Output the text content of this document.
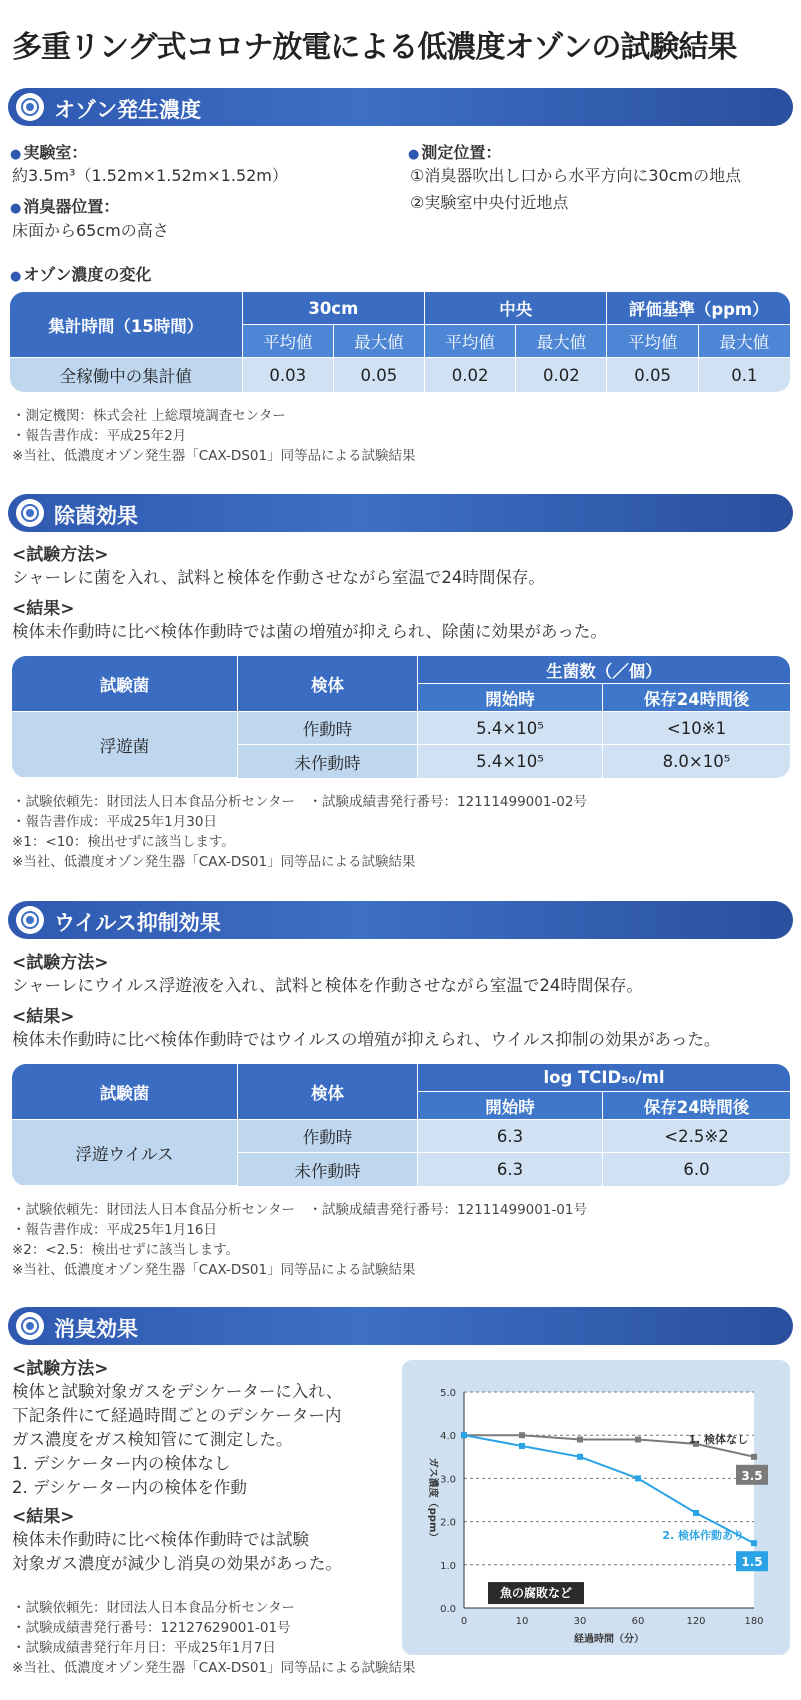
多重リング式コロナ放電による低濃度オゾンの試験結果
オゾン発生濃度
● 実験室：
約3.5m³（1.52m×1.52m×1.52m）
● 消臭器位置：
床面から65cmの高さ
● 測定位置：
①消臭器吹出し口から水平方向に30cmの地点
②実験室中央付近地点
● オゾン濃度の変化
集計時間（15時間）	30cm		中央		評価基準（ppm）	
	平均値	最大値	平均値	最大値	平均値	最大値
全稼働中の集計値	0.03	0.05	0.02	0.02	0.05	0.1
・測定機関：株式会社 上総環境調査センター
・報告書作成：平成25年2月
※当社、低濃度オゾン発生器「CAX-DS01」同等品による試験結果
除菌効果
<試験方法>
シャーレに菌を入れ、試料と検体を作動させながら室温で24時間保存。
<結果>
検体未作動時に比べ検体作動時では菌の増殖が抑えられ、除菌に効果があった。
試験菌	検体	生菌数（／個）	
		開始時	保存24時間後
浮遊菌	作動時	5.4×10⁵	<10※1
	未作動時	5.4×10⁵	8.0×10⁵
・試験依頼先：財団法人日本食品分析センター　・試験成績書発行番号：12111499001-02号
・報告書作成：平成25年1月30日
※1：<10：検出せずに該当します。
※当社、低濃度オゾン発生器「CAX-DS01」同等品による試験結果
ウイルス抑制効果
<試験方法>
シャーレにウイルス浮遊液を入れ、試料と検体を作動させながら室温で24時間保存。
<結果>
検体未作動時に比べ検体作動時ではウイルスの増殖が抑えられ、ウイルス抑制の効果があった。
試験菌	検体	log TCID₅₀/ml	
		開始時	保存24時間後
浮遊ウイルス	作動時	6.3	<2.5※2
	未作動時	6.3	6.0
・試験依頼先：財団法人日本食品分析センター　・試験成績書発行番号：12111499001-01号
・報告書作成：平成25年1月16日
※2：<2.5：検出せずに該当します。
※当社、低濃度オゾン発生器「CAX-DS01」同等品による試験結果
消臭効果
<試験方法>
検体と試験対象ガスをデシケーターに入れ、
下記条件にて経過時間ごとのデシケーター内
ガス濃度をガス検知管にて測定した。
1. デシケーター内の検体なし
2. デシケーター内の検体を作動
<結果>
検体未作動時に比べ検体作動時では試験
対象ガス濃度が減少し消臭の効果があった。
・試験依頼先：財団法人日本食品分析センター
・試験成績書発行番号：12127629001-01号
・試験成績書発行年月日：平成25年1月7日
※当社、低濃度オゾン発生器「CAX-DS01」同等品による試験結果
0.0
1.0
2.0
3.0
4.0
5.0
0	10	30	60	120	180
経過時間（分）
ガス濃度（ppm）
1. 検体なし
3.5
2. 検体作動あり
1.5
魚の腐敗など
